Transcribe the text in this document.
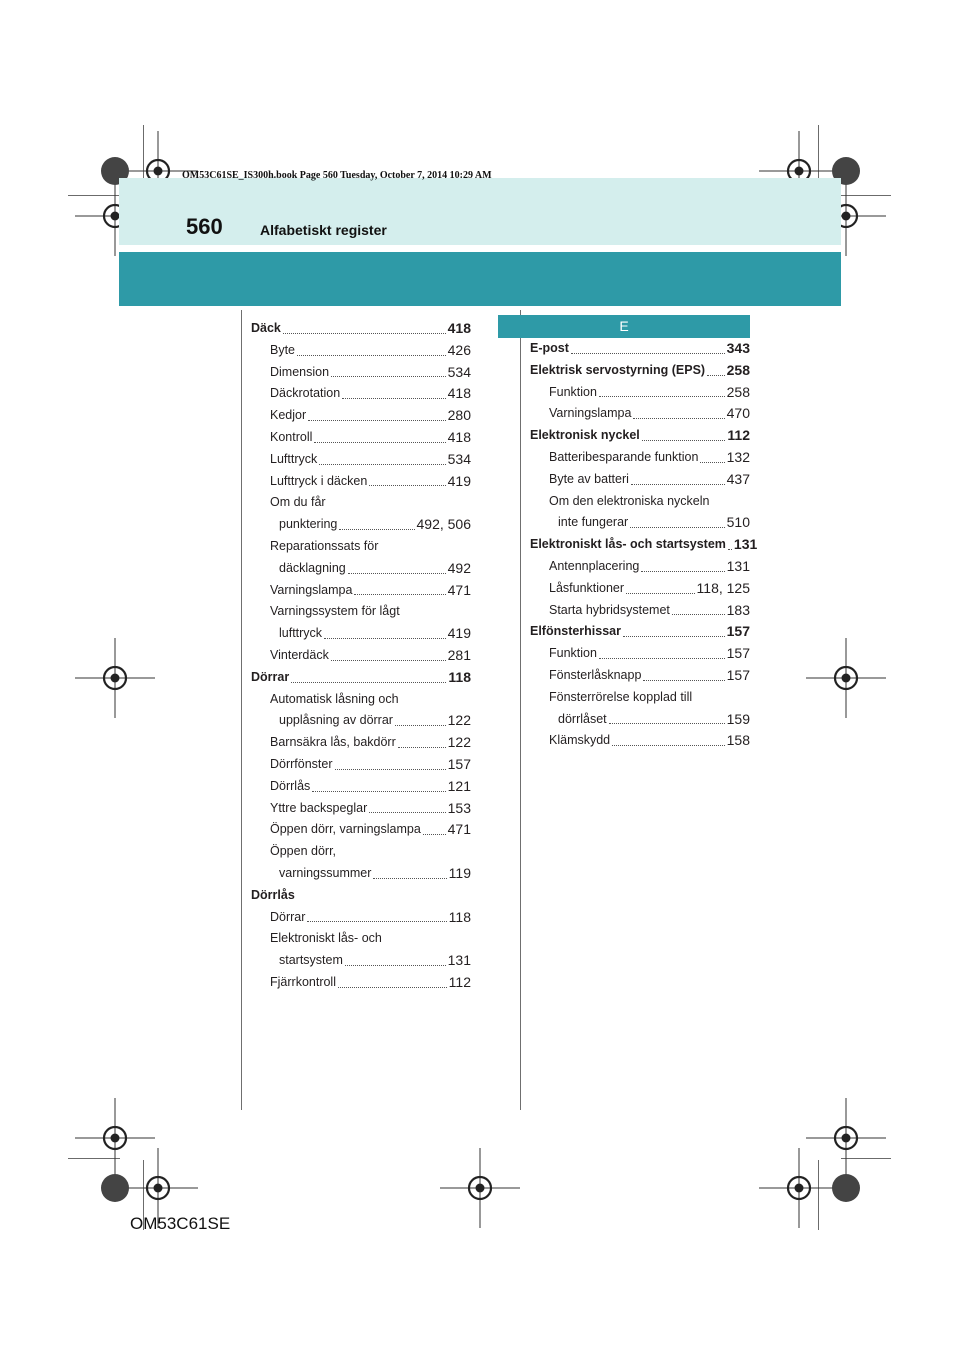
OM53C61SE_IS300h.book Page 560 Tuesday, October 7, 2014 10:29 AM
560	Alfabetiskt register
E
Däck	418
Byte	426
Dimension	534
Däckrotation	418
Kedjor	280
Kontroll	418
Lufttryck	534
Lufttryck i däcken	419
Om du får
punktering	492, 506
Reparationssats för
däcklagning	492
Varningslampa	471
Varningssystem för lågt
lufttryck	419
Vinterdäck	281
Dörrar	118
Automatisk låsning och
upplåsning av dörrar	122
Barnsäkra lås, bakdörr	122
Dörrfönster	157
Dörrlås	121
Yttre backspeglar	153
Öppen dörr, varningslampa 471
Öppen dörr,
varningssummer	119
Dörrlås
Dörrar	118
Elektroniskt lås- och
startsystem	131
Fjärrkontroll	112
E-post	343
Elektrisk servostyrning (EPS) 258
Funktion	258
Varningslampa	470
Elektronisk nyckel	112
Batteribesparande funktion 132
Byte av batteri	437
Om den elektroniska nyckeln
inte fungerar	510
Elektroniskt lås- och startsystem 131
Antennplacering	131
Låsfunktioner	118, 125
Starta hybridsystemet	183
Elfönsterhissar	157
Funktion	157
Fönsterlåsknapp	157
Fönsterrörelse kopplad till
dörrlåset	159
Klämskydd	158
OM53C61SE
